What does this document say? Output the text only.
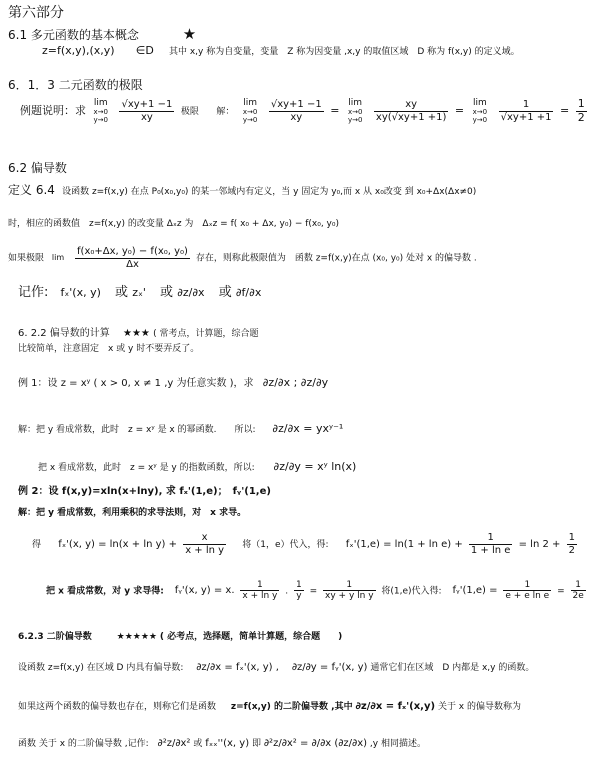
第六部分
6.1 多元函数的基本概念	★
z=f(x,y),(x,y) ∈D 其中 x,y 称为自变量，变量　Z 称为因变量 ,x,y 的取值区域　D 称为 f(x,y) 的定义域。
6．1．3 二元函数的极限
例题说明：求
lim
x→0
y→0
$\frac{√xy+1 -1}{xy}$ 极限 解：
lim
x→0
y→0
$\frac{√xy+1 -1}{xy}$ =
lim
x→0
y→0
$\frac{xy}{xy(√xy+1 +1)}$ =
lim
x→0
y→0
$\frac{1}{√xy+1 +1} = \frac{1}{2}$
6.2 偏导数
定义 6.4 设函数 z=f(x,y) 在点 P₀(x₀,y₀) 的某一邻域内有定义，当 y 固定为 y₀,而 x 从 x₀改变 到 x₀+Δx(Δx≠0)
时，相应的函数值　z=f(x,y) 的改变量 Δₓz 为　Δₓz = f( x₀ + Δx, y₀) − f(x₀, y₀)
如果极限 lim
$\frac{\text{f(x₀+Δx, y₀) − f(x₀, y₀)}}{\Delta x}$ 存在，则称此极限值为　函数 z=f(x,y)在点 (x₀, y₀) 处对 x 的偏导数 .
记作: fₓ'(x, y) 或 zₓ' 或 ∂z/∂x 或 ∂f/∂x
6. 2.2 偏导数的计算 ★★★ ( 常考点，计算题，综合题
比较简单，注意固定　x 或 y 时不要弄反了。
例 1：设 z = xʸ ( x > 0, x ≠ 1 ,y 为任意实数 )，求 ∂z/∂x ; ∂z/∂y
解：把 y 看成常数，此时　z = xʸ 是 x 的幂函数.　　所以: ∂z/∂x = yxʸ⁻¹
把 x 看成常数，此时　z = xʸ 是 y 的指数函数，所以: ∂z/∂y = xʸ ln(x)
例 2：设 f(x,y)=xln(x+lny), 求 fₓ'(1,e)；　fᵧ'(1,e)
解：把 y 看成常数，利用乘积的求导法则，对　x 求导。
得 fₓ'(x, $y) = \ln(x + \ln y) + \frac{x}{\text{x + ln y}}$ 将（1，e）代入，得: $f_x'(1,e) = \ln(1 + \ln e) + \frac{1}{\text{1 + ln e}} = \ln 2 + \frac{1}{2}$
把 x 看成常数，对 y 求导得: fᵧ'(x, y) = x. $\frac{1}{\text{x + ln y}}$ . $\frac{1}{y} = \frac{1}{\text{xy + y ln y}}$ 将(1,e)代入得: fᵧ'(1,e) = $\frac{1}{\text{e + e ln e}} = \frac{1}{2e}$
6.2.3 二阶偏导数	★★★★★ ( 必考点，选择题，简单计算题，综合题　　)
设函数 z=f(x,y) 在区域 D 内具有偏导数: ∂z/∂x = fₓ'(x, y) , ∂z/∂y = fᵧ'(x, y) 通常它们在区域　D 内都是 x,y 的函数。
如果这两个函数的偏导数也存在，则称它们是函数 z=f(x,y) 的二阶偏导数 ,其中 ∂z/∂x = fₓ'(x,y) 关于 x 的偏导数称为
函数 关于 x 的二阶偏导数 ,记作: ∂²z/∂x² 或 fₓₓ''(x, y) 即 ∂²z/∂x² = ∂/∂x (∂z/∂x) ,y 相同描述。
